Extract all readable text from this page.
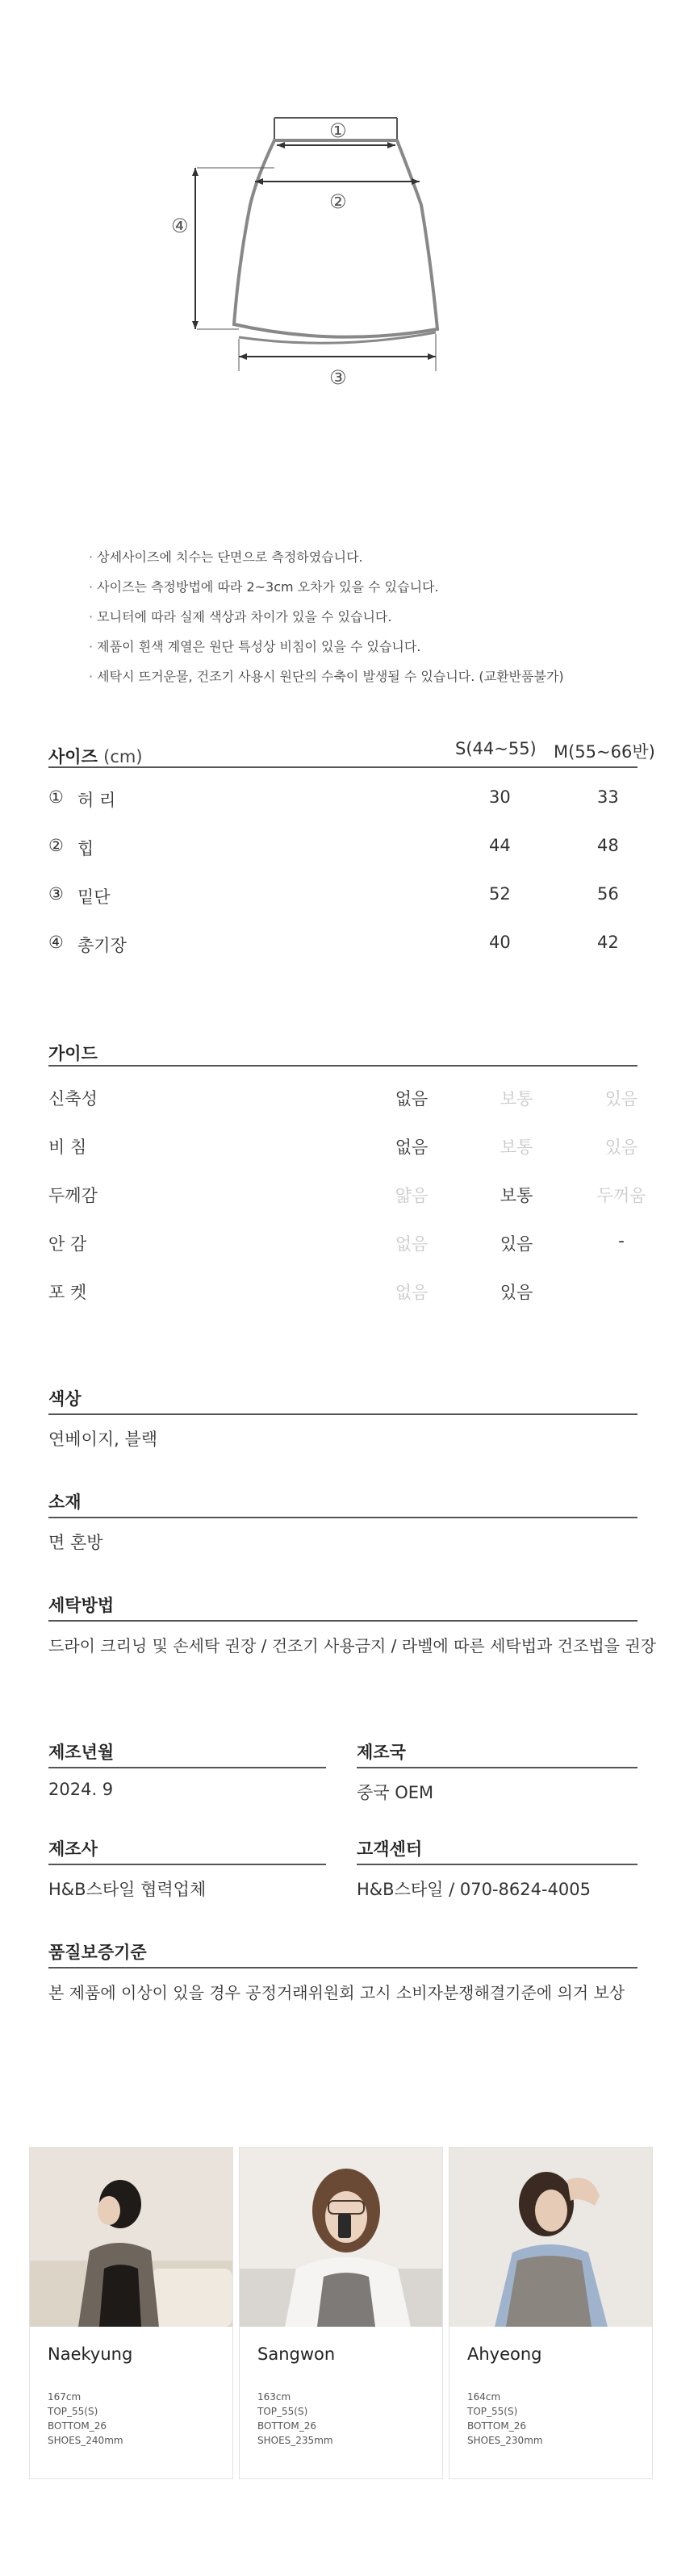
①
②
④
③
· 상세사이즈에 치수는 단면으로 측정하였습니다.
· 사이즈는 측정방법에 따라 2~3cm 오차가 있을 수 있습니다.
· 모니터에 따라 실제 색상과 차이가 있을 수 있습니다.
· 제품이 흰색 계열은 원단 특성상 비침이 있을 수 있습니다.
· 세탁시 뜨거운물, 건조기 사용시 원단의 수축이 발생될 수 있습니다. (교환반품불가)
사이즈 (cm)	S(44~55) M(55~66반)
① 허 리	30	33
② 힙	44	48
③ 밑단	52	56
④ 총기장	40	42
가이드
신축성	없음	보통	있음
비 침	없음	보통	있음
두께감	얇음	보통	두꺼움
안 감	없음	있음	-
포 켓	없음	있음
색상
연베이지, 블랙
소재
면 혼방
세탁방법
드라이 크리닝 및 손세탁 권장 / 건조기 사용금지 / 라벨에 따른 세탁법과 건조법을 권장
제조년월
2024. 9
제조국
중국 OEM
제조사
H&B스타일 협력업체
고객센터
H&B스타일 / 070-8624-4005
품질보증기준
본 제품에 이상이 있을 경우 공정거래위원회 고시 소비자분쟁해결기준에 의거 보상
Naekyung
167cm
TOP_55(S)
BOTTOM_26
SHOES_240mm
Sangwon
163cm
TOP_55(S)
BOTTOM_26
SHOES_235mm
Ahyeong
164cm
TOP_55(S)
BOTTOM_26
SHOES_230mm
